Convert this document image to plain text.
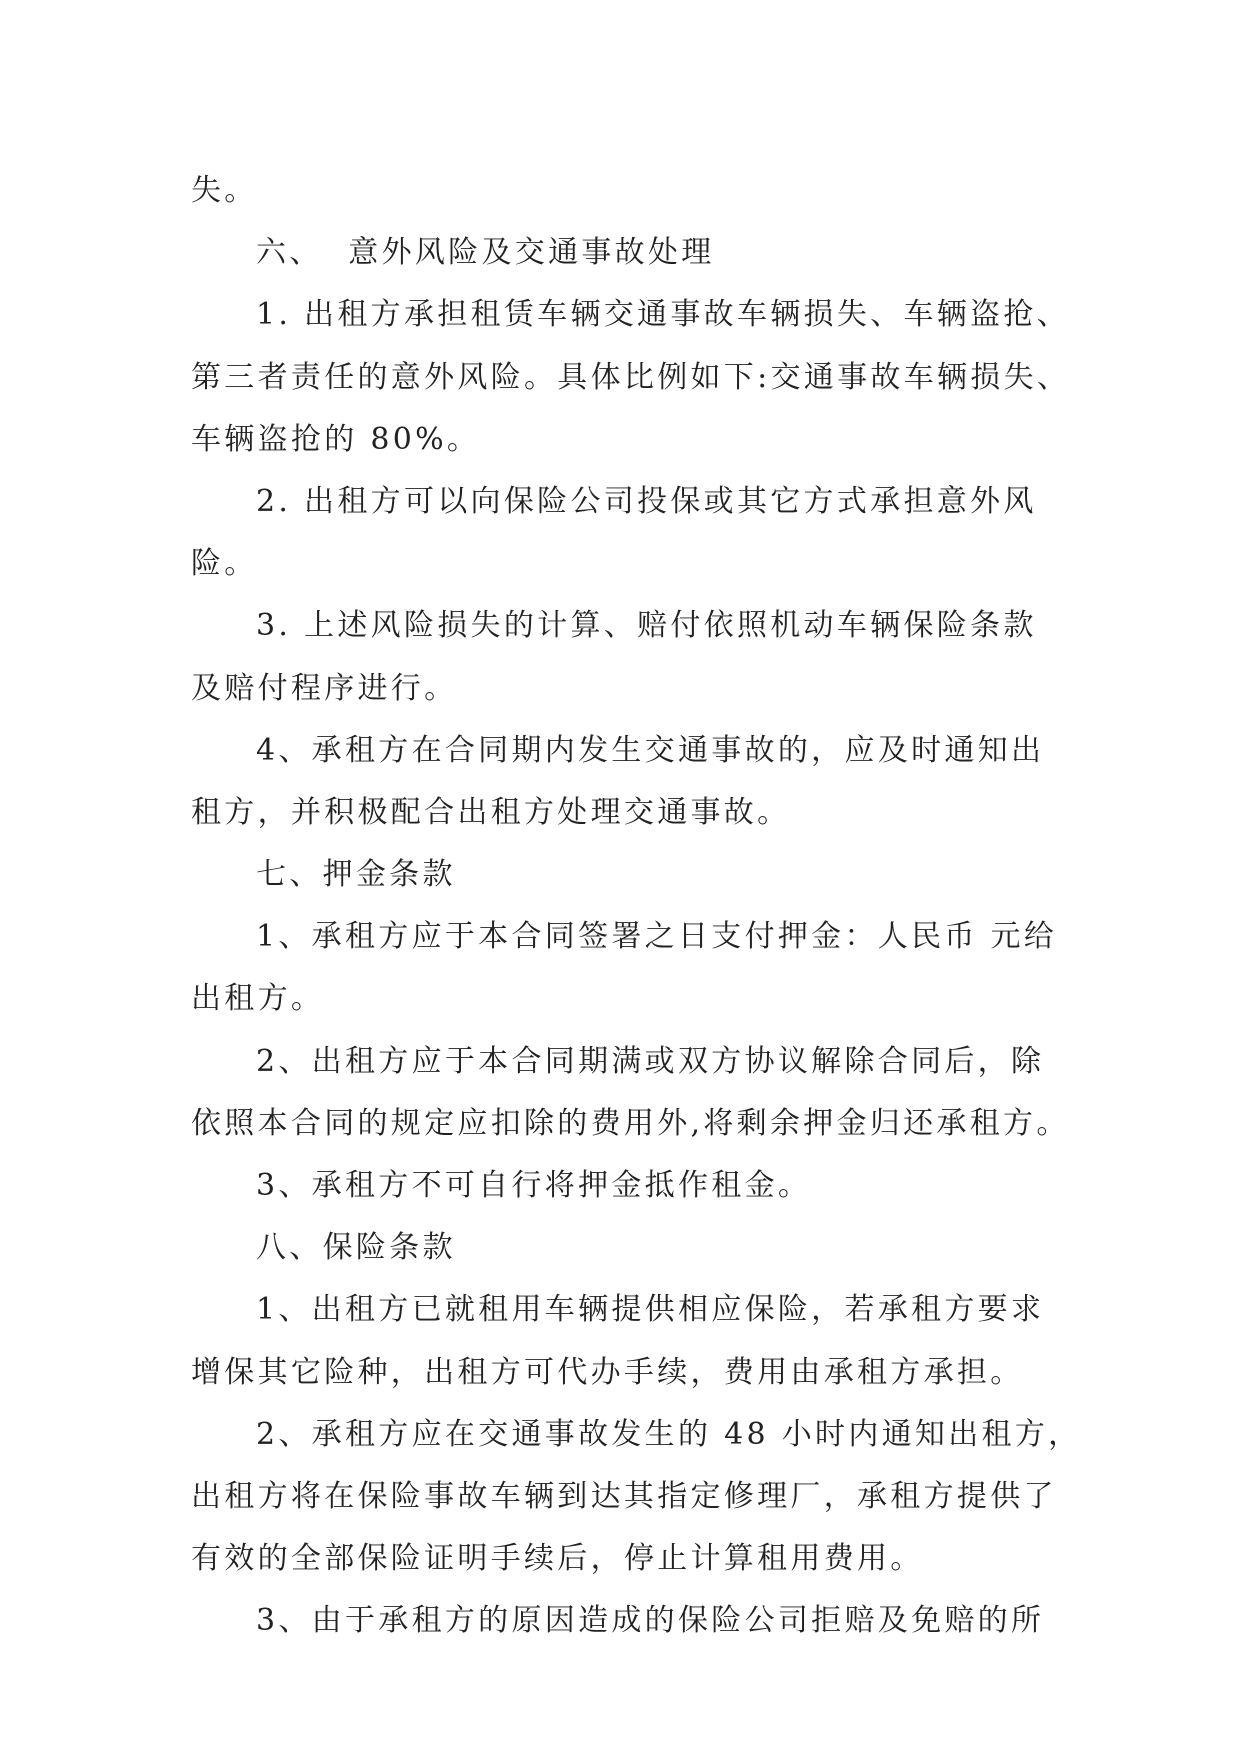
失。
六、  意外风险及交通事故处理
1. 出租方承担租赁车辆交通事故车辆损失、车辆盗抢、
第三者责任的意外风险。具体比例如下:交通事故车辆损失、
车辆盗抢的 80%。
2. 出租方可以向保险公司投保或其它方式承担意外风
险。
3. 上述风险损失的计算、赔付依照机动车辆保险条款
及赔付程序进行。
4、承租方在合同期内发生交通事故的，应及时通知出
租方，并积极配合出租方处理交通事故。
七、押金条款
1、承租方应于本合同签署之日支付押金：人民币 元给
出租方。
2、出租方应于本合同期满或双方协议解除合同后，除
依照本合同的规定应扣除的费用外,将剩余押金归还承租方。
3、承租方不可自行将押金抵作租金。
八、保险条款
1、出租方已就租用车辆提供相应保险，若承租方要求
增保其它险种，出租方可代办手续，费用由承租方承担。
2、承租方应在交通事故发生的 48 小时内通知出租方，
出租方将在保险事故车辆到达其指定修理厂，承租方提供了
有效的全部保险证明手续后，停止计算租用费用。
3、由于承租方的原因造成的保险公司拒赔及免赔的所
